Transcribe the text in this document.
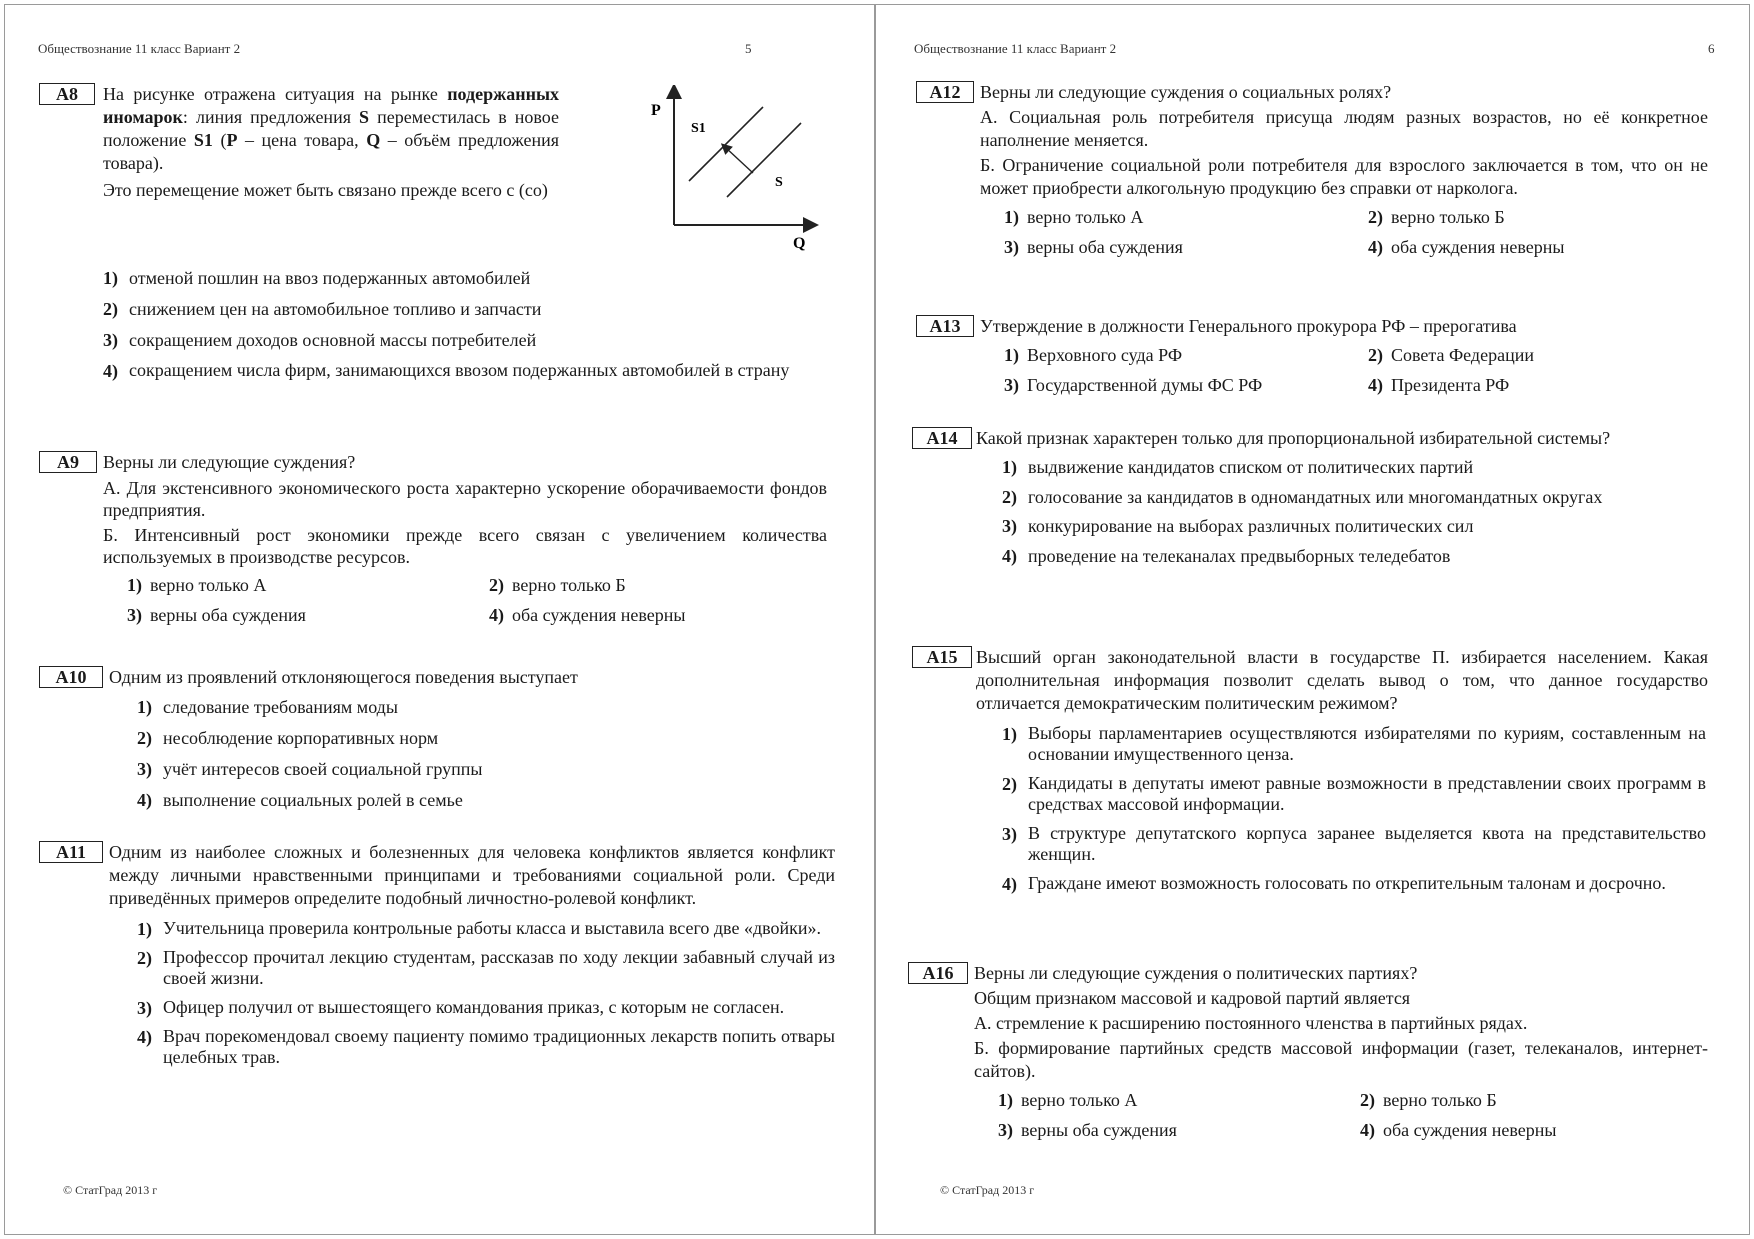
Обществознание 11 класс Вариант 2	5
А8	На рисунке отражена ситуация на рынке подержанных иномарок: линия предложения S переместилась в новое положение S1 (P – цена товара, Q – объём предложения товара).
Это перемещение может быть связано прежде всего с (со)
P
Q
S1
S
1) отменой пошлин на ввоз подержанных автомобилей
2) снижением цен на автомобильное топливо и запчасти
3) сокращением доходов основной массы потребителей
4) сокращением числа фирм, занимающихся ввозом подержанных автомобилей в страну
А9	Верны ли следующие суждения?
А. Для экстенсивного экономического роста характерно ускорение оборачиваемости фондов предприятия.
Б. Интенсивный рост экономики прежде всего связан с увеличением количества используемых в производстве ресурсов.
1) верно только А	2) верно только Б
3) верны оба суждения	4) оба суждения неверны
А10	Одним из проявлений отклоняющегося поведения выступает
1) следование требованиям моды
2) несоблюдение корпоративных норм
3) учёт интересов своей социальной группы
4) выполнение социальных ролей в семье
А11	Одним из наиболее сложных и болезненных для человека конфликтов является конфликт между личными нравственными принципами и требованиями социальной роли. Среди приведённых примеров определите подобный личностно-ролевой конфликт.
1) Учительница проверила контрольные работы класса и выставила всего две «двойки».
2) Профессор прочитал лекцию студентам, рассказав по ходу лекции забавный случай из своей жизни.
3) Офицер получил от вышестоящего командования приказ, с которым не согласен.
4) Врач порекомендовал своему пациенту помимо традиционных лекарств попить отвары целебных трав.
© СтатГрад 2013 г
Обществознание 11 класс Вариант 2	6
А12	Верны ли следующие суждения о социальных ролях?
А. Социальная роль потребителя присуща людям разных возрастов, но её конкретное наполнение меняется.
Б. Ограничение социальной роли потребителя для взрослого заключается в том, что он не может приобрести алкогольную продукцию без справки от нарколога.
1) верно только А	2) верно только Б
3) верны оба суждения	4) оба суждения неверны
А13	Утверждение в должности Генерального прокурора РФ – прерогатива
1) Верховного суда РФ	2) Совета Федерации
3) Государственной думы ФС РФ	4) Президента РФ
А14	Какой признак характерен только для пропорциональной избирательной системы?
1) выдвижение кандидатов списком от политических партий
2) голосование за кандидатов в одномандатных или многомандатных округах
3) конкурирование на выборах различных политических сил
4) проведение на телеканалах предвыборных теледебатов
А15	Высший орган законодательной власти в государстве П. избирается населением. Какая дополнительная информация позволит сделать вывод о том, что данное государство отличается демократическим политическим режимом?
1) Выборы парламентариев осуществляются избирателями по куриям, составленным на основании имущественного ценза.
2) Кандидаты в депутаты имеют равные возможности в представлении своих программ в средствах массовой информации.
3) В структуре депутатского корпуса заранее выделяется квота на представительство женщин.
4) Граждане имеют возможность голосовать по открепительным талонам и досрочно.
А16	Верны ли следующие суждения о политических партиях?
Общим признаком массовой и кадровой партий является
А. стремление к расширению постоянного членства в партийных рядах.
Б. формирование партийных средств массовой информации (газет, телеканалов, интернет-сайтов).
1) верно только А	2) верно только Б
3) верны оба суждения	4) оба суждения неверны
© СтатГрад 2013 г
